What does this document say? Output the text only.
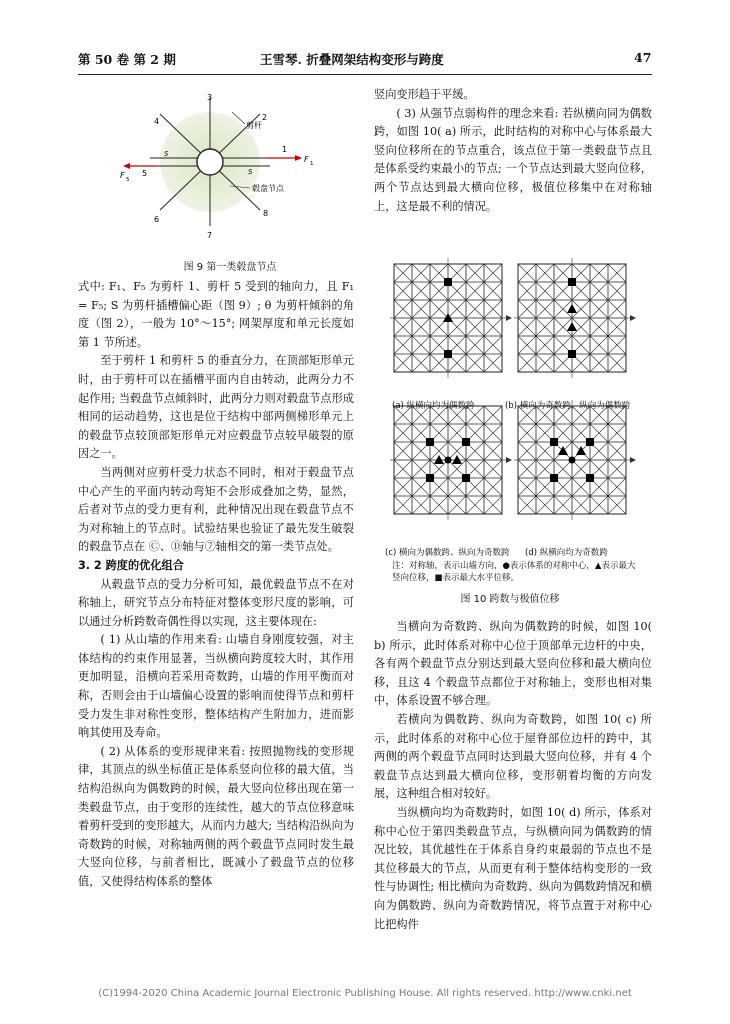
第 50 卷 第 2 期	王雪琴. 折叠网架结构变形与跨度	47
3
4	2
1
5
6
7
8
剪杆
毂盘节点
F 1
F 5
S
S
图 9 第一类毂盘节点

式中: F₁、F₅ 为剪杆 1、剪杆 5 受到的轴向力，且 F₁ = F₅; S 为剪杆插槽偏心距（图 9）; θ 为剪杆倾斜的角度（图 2），一般为 10°～15°; 网架厚度和单元长度如第 1 节所述。

至于剪杆 1 和剪杆 5 的垂直分力，在顶部矩形单元时，由于剪杆可以在插槽平面内自由转动，此两分力不起作用; 当毂盘节点倾斜时，此两分力则对毂盘节点形成相同的运动趋势，这也是位于结构中部两侧梯形单元上的毂盘节点较顶部矩形单元对应毂盘节点较早破裂的原因之一。

当两侧对应剪杆受力状态不同时，相对于毂盘节点中心产生的平面内转动弯矩不会形成叠加之势，显然，后者对节点的受力更有利，此种情况出现在毂盘节点不为对称轴上的节点时。试验结果也验证了最先发生破裂的毂盘节点在 Ⓒ、Ⓓ轴与⑦轴相交的第一类节点处。

3. 2 跨度的优化组合

从毂盘节点的受力分析可知，最优毂盘节点不在对称轴上，研究节点分布特征对整体变形尺度的影响，可以通过分析跨数奇偶性得以实现，这主要体现在:

( 1) 从山墙的作用来看: 山墙自身刚度较强，对主体结构的约束作用显著，当纵横向跨度较大时，其作用更加明显，沿横向若采用奇数跨，山墙的作用平衡而对称，否则会由于山墙偏心设置的影响而使得节点和剪杆受力发生非对称性变形，整体结构产生附加力，进而影响其使用及寿命。

( 2) 从体系的变形规律来看: 按照抛物线的变形规律，其顶点的纵坐标值正是体系竖向位移的最大值，当结构沿纵向为偶数跨的时候，最大竖向位移出现在第一类毂盘节点，由于变形的连续性，越大的节点位移意味着剪杆受到的变形越大，从而内力越大; 当结构沿纵向为奇数跨的时候，对称轴两侧的两个毂盘节点同时发生最大竖向位移，与前者相比，既减小了毂盘节点的位移值，又使得结构体系的整体

竖向变形趋于平缓。

( 3) 从强节点弱构件的理念来看: 若纵横向同为偶数跨，如图 10( a) 所示，此时结构的对称中心与体系最大竖向位移所在的节点重合，该点位于第一类毂盘节点且是体系受约束最小的节点; 一个节点达到最大竖向位移，两个节点达到最大横向位移，极值位移集中在对称轴上，这是最不利的情况。

(a) 纵横向均为偶数跨	(b) 横向为奇数跨、纵向为偶数跨
(c) 横向为偶数跨、纵向为奇数跨 (d) 纵横向均为奇数跨
注：对称轴，表示山墙方向，●表示体系的对称中心，▲表示最大
竖向位移，■表示最大水平位移。
图 10 跨数与极值位移

当横向为奇数跨、纵向为偶数跨的时候，如图 10( b) 所示，此时体系对称中心位于顶部单元边杆的中央，各有两个毂盘节点分别达到最大竖向位移和最大横向位移，且这 4 个毂盘节点都位于对称轴上，变形也相对集中，体系设置不够合理。

若横向为偶数跨、纵向为奇数跨，如图 10( c) 所示，此时体系的对称中心位于屋脊部位边杆的跨中，其两侧的两个毂盘节点同时达到最大竖向位移，并有 4 个毂盘节点达到最大横向位移，变形朝着均衡的方向发展，这种组合相对较好。

当纵横向均为奇数跨时，如图 10( d) 所示，体系对称中心位于第四类毂盘节点，与纵横向同为偶数跨的情况比较，其优越性在于体系自身约束最弱的节点也不是其位移最大的节点，从而更有利于整体结构变形的一致性与协调性; 相比横向为奇数跨、纵向为偶数跨情况和横向为偶数跨、纵向为奇数跨情况，将节点置于对称中心比把构件

(C)1994-2020 China Academic Journal Electronic Publishing House. All rights reserved. http://www.cnki.net
